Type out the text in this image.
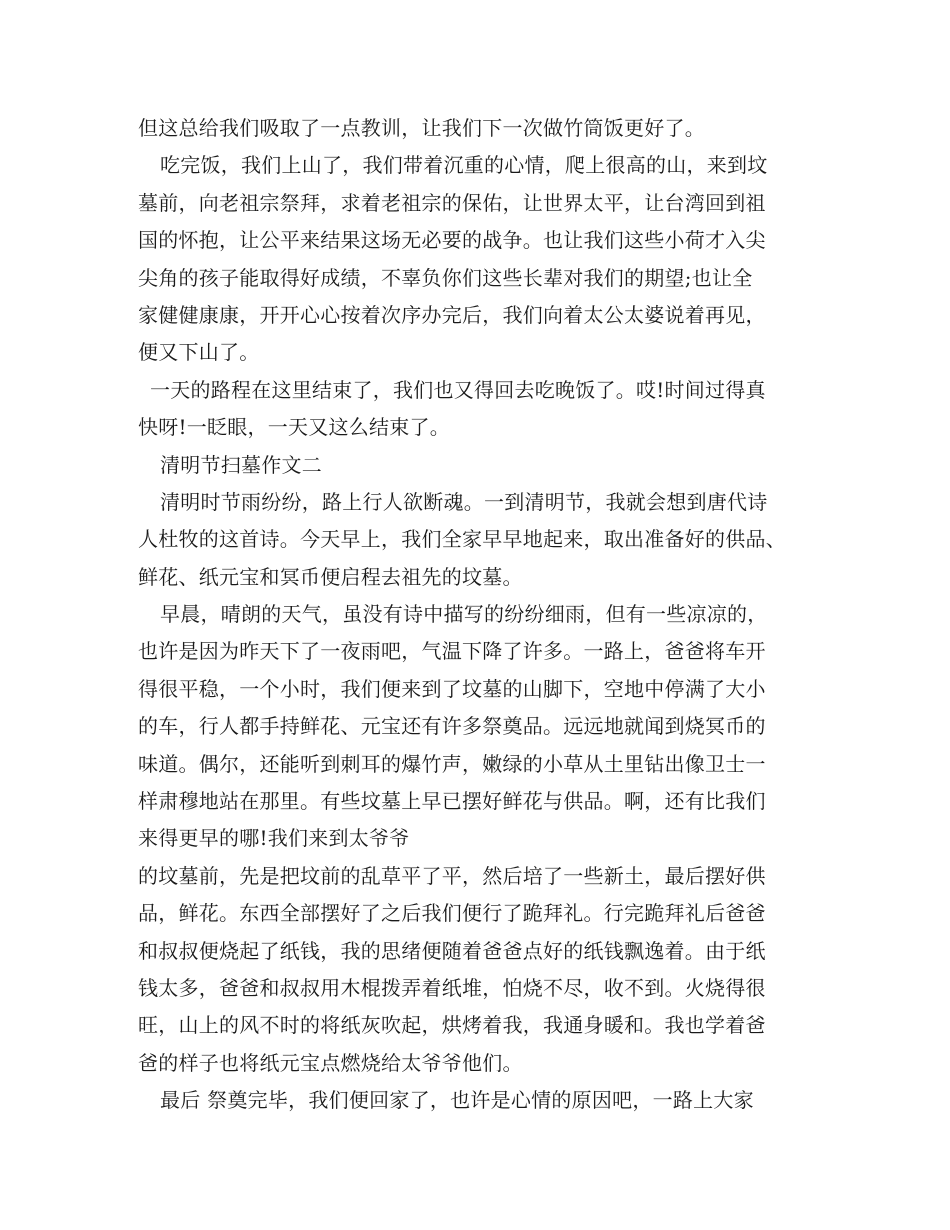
但这总给我们吸取了一点教训，让我们下一次做竹筒饭更好了。
吃完饭，我们上山了，我们带着沉重的心情，爬上很高的山，来到坟
墓前，向老祖宗祭拜，求着老祖宗的保佑，让世界太平，让台湾回到祖
国的怀抱，让公平来结果这场无必要的战争。也让我们这些小荷才入尖
尖角的孩子能取得好成绩，不辜负你们这些长辈对我们的期望;也让全
家健健康康，开开心心按着次序办完后，我们向着太公太婆说着再见，
便又下山了。
一天的路程在这里结束了，我们也又得回去吃晚饭了。哎!时间过得真
快呀!一眨眼，一天又这么结束了。
清明节扫墓作文二
清明时节雨纷纷，路上行人欲断魂。一到清明节，我就会想到唐代诗
人杜牧的这首诗。今天早上，我们全家早早地起来，取出准备好的供品、
鲜花、纸元宝和冥币便启程去祖先的坟墓。
早晨，晴朗的天气，虽没有诗中描写的纷纷细雨，但有一些凉凉的，
也许是因为昨天下了一夜雨吧，气温下降了许多。一路上，爸爸将车开
得很平稳，一个小时，我们便来到了坟墓的山脚下，空地中停满了大小
的车，行人都手持鲜花、元宝还有许多祭奠品。远远地就闻到烧冥币的
味道。偶尔，还能听到刺耳的爆竹声，嫩绿的小草从土里钻出像卫士一
样肃穆地站在那里。有些坟墓上早已摆好鲜花与供品。啊，还有比我们
来得更早的哪!我们来到太爷爷
的坟墓前，先是把坟前的乱草平了平，然后培了一些新土，最后摆好供
品，鲜花。东西全部摆好了之后我们便行了跪拜礼。行完跪拜礼后爸爸
和叔叔便烧起了纸钱，我的思绪便随着爸爸点好的纸钱飘逸着。由于纸
钱太多，爸爸和叔叔用木棍拨弄着纸堆，怕烧不尽，收不到。火烧得很
旺，山上的风不时的将纸灰吹起，烘烤着我，我通身暖和。我也学着爸
爸的样子也将纸元宝点燃烧给太爷爷他们。
最后 祭奠完毕，我们便回家了，也许是心情的原因吧，一路上大家
